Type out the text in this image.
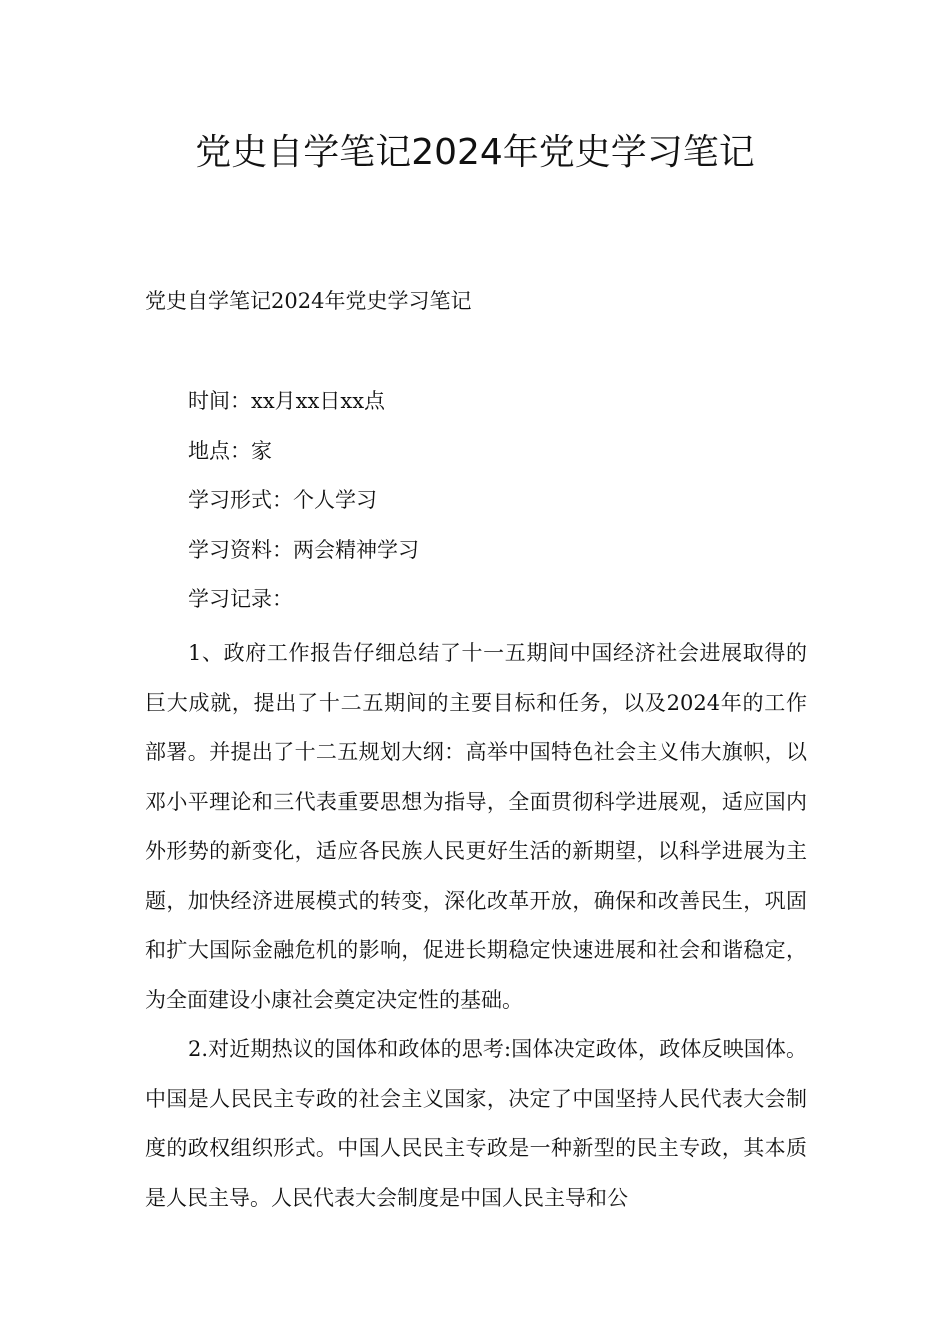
党史自学笔记2024年党史学习笔记

党史自学笔记2024年党史学习笔记

时间：xx月xx日xx点
地点：家
学习形式：个人学习
学习资料：两会精神学习
学习记录：

1、政府工作报告仔细总结了十一五期间中国经济社会进展取得的巨大成就，提出了十二五期间的主要目标和任务，以及2024年的工作部署。并提出了十二五规划大纲：高举中国特色社会主义伟大旗帜，以邓小平理论和三代表重要思想为指导，全面贯彻科学进展观，适应国内外形势的新变化，适应各民族人民更好生活的新期望，以科学进展为主题，加快经济进展模式的转变，深化改革开放，确保和改善民生，巩固和扩大国际金融危机的影响，促进长期稳定快速进展和社会和谐稳定，为全面建设小康社会奠定决定性的基础。

2.对近期热议的国体和政体的思考:国体决定政体，政体反映国体。中国是人民民主专政的社会主义国家，决定了中国坚持人民代表大会制度的政权组织形式。中国人民民主专政是一种新型的民主专政，其本质是人民主导。人民代表大会制度是中国人民主导和公
